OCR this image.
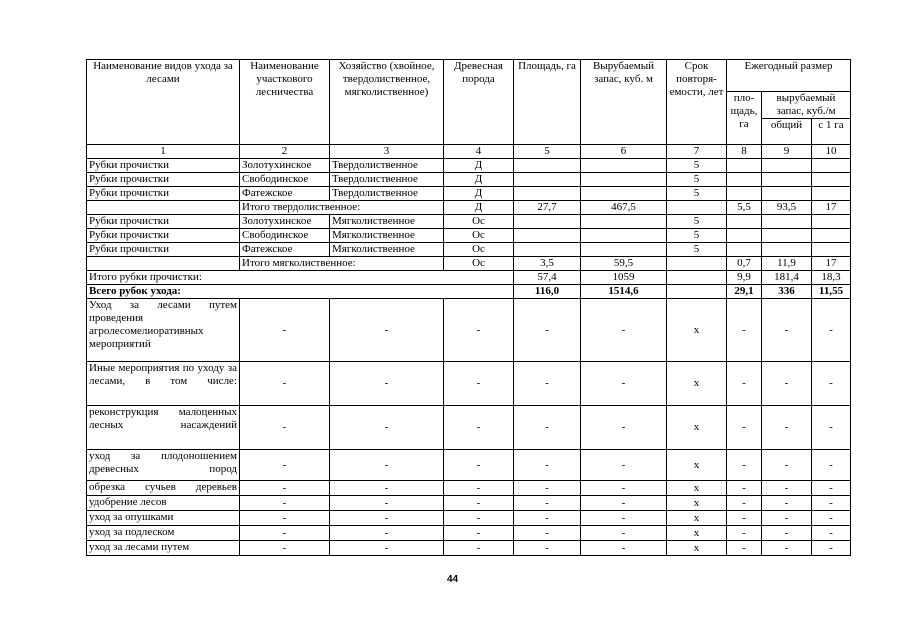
.
Наименование видов ухода за лесами	Наименование участкового лесничества	Хозяйство (хвойное, твердолиственное, мягколиственное)	Древесная порода	Площадь, га	Вырубаемый запас, куб. м	Срок повторя-емости, лет	Ежегодный размер		
							пло-щадь, га	вырубаемый запас, куб./м	
								общий	с 1 га
1	2	3	4	5	6	7	8	9	10
Рубки прочистки	Золотухинское	Твердолиственное	Д			5			
Рубки прочистки	Свободинское	Твердолиственное	Д			5			
Рубки прочистки	Фатежское	Твердолиственное	Д			5			
	Итого твердолиственное:		Д	27,7	467,5		5,5	93,5	17
Рубки прочистки	Золотухинское	Мягколиственное	Ос			5			
Рубки прочистки	Свободинское	Мягколиственное	Ос			5			
Рубки прочистки	Фатежское	Мягколиственное	Ос			5			
	Итого мягколиственное:		Ос	3,5	59,5		0,7	11,9	17
Итого рубки прочистки:				57,4	1059		9,9	181,4	18,3
Всего рубок ухода:				116,0	1514,6		29,1	336	11,55
Уход за лесами путем проведения агролесомелиоративных мероприятий	-	-	-	-	-	х	-	-	-
Иные мероприятия по уходу за лесами, в том числе:	-	-	-	-	-	х	-	-	-
реконструкция малоценных лесных насаждений	-	-	-	-	-	х	-	-	-
уход за плодоношением древесных пород	-	-	-	-	-	х	-	-	-
обрезка сучьев деревьев	-	-	-	-	-	х	-	-	-
удобрение лесов	-	-	-	-	-	х	-	-	-
уход за опушками	-	-	-	-	-	х	-	-	-
уход за подлеском	-	-	-	-	-	х	-	-	-
уход за лесами путем	-	-	-	-	-	х	-	-	-
44
